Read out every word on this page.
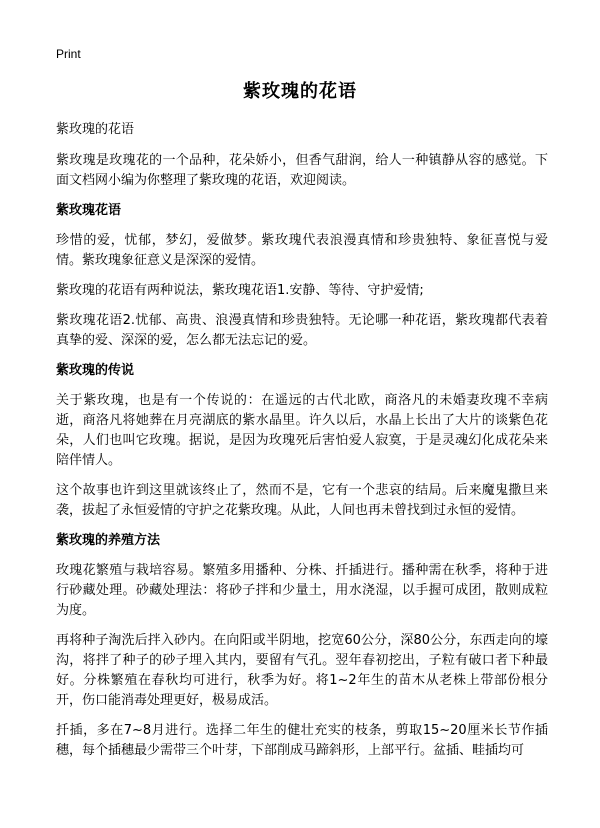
Print
紫玫瑰的花语
紫玫瑰的花语

紫玫瑰是玫瑰花的一个品种，花朵娇小，但香气甜润，给人一种镇静从容的感觉。下面文档网小编为你整理了紫玫瑰的花语，欢迎阅读。

紫玫瑰花语

珍惜的爱，忧郁，梦幻，爱做梦。紫玫瑰代表浪漫真情和珍贵独特、象征喜悦与爱情。紫玫瑰象征意义是深深的爱情。

紫玫瑰的花语有两种说法，紫玫瑰花语1.安静、等待、守护爱情;

紫玫瑰花语2.忧郁、高贵、浪漫真情和珍贵独特。无论哪一种花语，紫玫瑰都代表着真挚的爱、深深的爱，怎么都无法忘记的爱。

紫玫瑰的传说

关于紫玫瑰，也是有一个传说的：在遥远的古代北欧，商洛凡的未婚妻玫瑰不幸病逝，商洛凡将她葬在月亮湖底的紫水晶里。许久以后，水晶上长出了大片的谈紫色花朵，人们也叫它玫瑰。据说，是因为玫瑰死后害怕爱人寂寞，于是灵魂幻化成花朵来陪伴情人。

这个故事也许到这里就该终止了，然而不是，它有一个悲哀的结局。后来魔鬼撒旦来袭，拔起了永恒爱情的守护之花紫玫瑰。从此，人间也再未曾找到过永恒的爱情。

紫玫瑰的养殖方法

玫瑰花繁殖与栽培容易。繁殖多用播种、分株、扦插进行。播种需在秋季，将种于进行砂藏处理。砂藏处理法：将砂子拌和少量土，用水浇湿，以手握可成团，散则成粒为度。

再将种子淘洗后拌入砂内。在向阳或半阴地，挖宽60公分，深80公分，东西走向的壕沟，将拌了种子的砂子埋入其内，要留有气孔。翌年春初挖出，子粒有破口者下种最好。分株繁殖在春秋均可进行，秋季为好。将1~2年生的苗木从老株上带部份根分开，伤口能消毒处理更好，极易成活。

扦插，多在7~8月进行。选择二年生的健壮充实的枝条，剪取15~20厘米长节作插穗，每个插穗最少需带三个叶芽，下部削成马蹄斜形，上部平行。盆插、畦插均可
